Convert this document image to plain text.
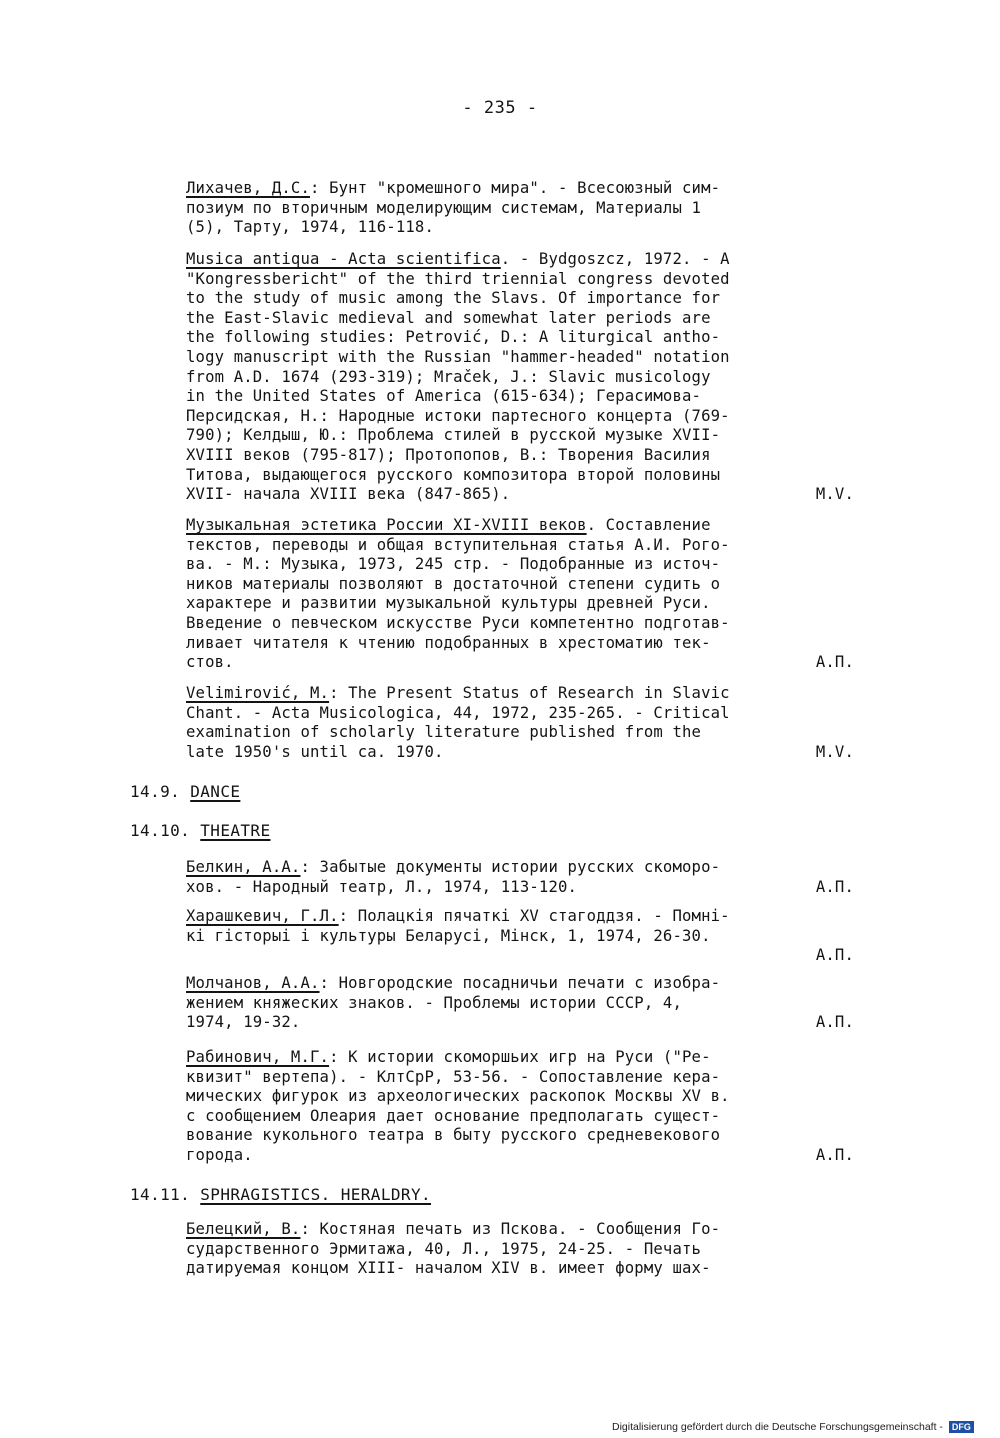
- 235 -
Лихачев, Д.С.: Бунт "кромешного мира". - Всесоюзный сим-
позиум по вторичным моделирующим системам, Материалы 1
(5), Тарту, 1974, 116-118.
Musica antiqua - Acta scientifica. - Bydgoszcz, 1972. - A
"Kongressbericht" of the third triennial congress devoted
to the study of music among the Slavs. Of importance for
the East-Slavic medieval and somewhat later periods are
the following studies: Petrović, D.: A liturgical antho-
logy manuscript with the Russian "hammer-headed" notation
from A.D. 1674 (293-319); Mraček, J.: Slavic musicology
in the United States of America (615-634); Герасимова-
Персидская, Н.: Народные истоки партесного концерта (769-
790); Келдыш, Ю.: Проблема стилей в русской музыке XVII-
XVIII веков (795-817); Протопопов, В.: Творения Василия
Титова, выдающегося русского композитора второй половины
XVII- начала XVIII века (847-865).	M.V.
Музыкальная эстетика России XI-XVIII веков. Составление
текстов, переводы и общая вступительная статья А.И. Рого-
ва. - М.: Музыка, 1973, 245 стр. - Подобранные из источ-
ников материалы позволяют в достаточной степени судить о
характере и развитии музыкальной культуры древней Руси.
Введение о певческом искусстве Руси компетентно подготав-
ливает читателя к чтению подобранных в хрестоматию тек-
стов.	А.П.
Velimirović, M.: The Present Status of Research in Slavic
Chant. - Acta Musicologica, 44, 1972, 235-265. - Critical
examination of scholarly literature published from the
late 1950's until ca. 1970.	M.V.
14.9. DANCE
14.10. THEATRE
Белкин, А.А.: Забытые документы истории русских скоморо-
хов. - Народный театр, Л., 1974, 113-120.	А.П.
Харашкевич, Г.Л.: Полацкія пячаткі XV стагоддзя. - Помні-
кі гісторыі і культуры Беларусі, Мінск, 1, 1974, 26-30.
А.П.
Молчанов, А.А.: Новгородские посадничьи печати с изобра-
жением княжеских знаков. - Проблемы истории СССР, 4,
1974, 19-32.	А.П.
Рабинович, М.Г.: К истории скоморшьих игр на Руси ("Ре-
квизит" вертепа). - КлтСрР, 53-56. - Сопоставление кера-
мических фигурок из археологических раскопок Москвы XV в.
с сообщением Олеария дает основание предполагать сущест-
вование кукольного театра в быту русского средневекового
города.	А.П.
14.11. SPHRAGISTICS. HERALDRY.
Белецкий, В.: Костяная печать из Пскова. - Сообщения Го-
сударственного Эрмитажа, 40, Л., 1975, 24-25. - Печать
датируемая концом XIII- началом XIV в. имеет форму шах-
Digitalisierung gefördert durch die Deutsche Forschungsgemeinschaft - DFG
